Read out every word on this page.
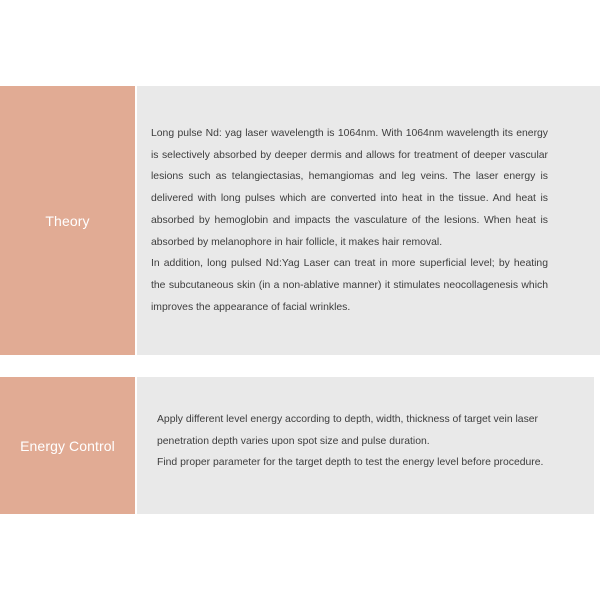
Theory

Long pulse Nd: yag laser wavelength is 1064nm. With 1064nm wavelength its energy is selectively absorbed by deeper dermis and allows for treatment of deeper vascular lesions such as telangiectasias, hemangiomas and leg veins. The laser energy is delivered with long pulses which are converted into heat in the tissue. And heat is absorbed by hemoglobin and impacts the vasculature of the lesions. When heat is absorbed by melanophore in hair follicle, it makes hair removal.

In addition, long pulsed Nd:Yag Laser can treat in more superficial level; by heating the subcutaneous skin (in a non-ablative manner) it stimulates neocollagenesis which improves the appearance of facial wrinkles.

Energy Control

Apply different level energy according to depth, width, thickness of target vein laser penetration depth varies upon spot size and pulse duration.

Find proper parameter for the target depth to test the energy level before procedure.
